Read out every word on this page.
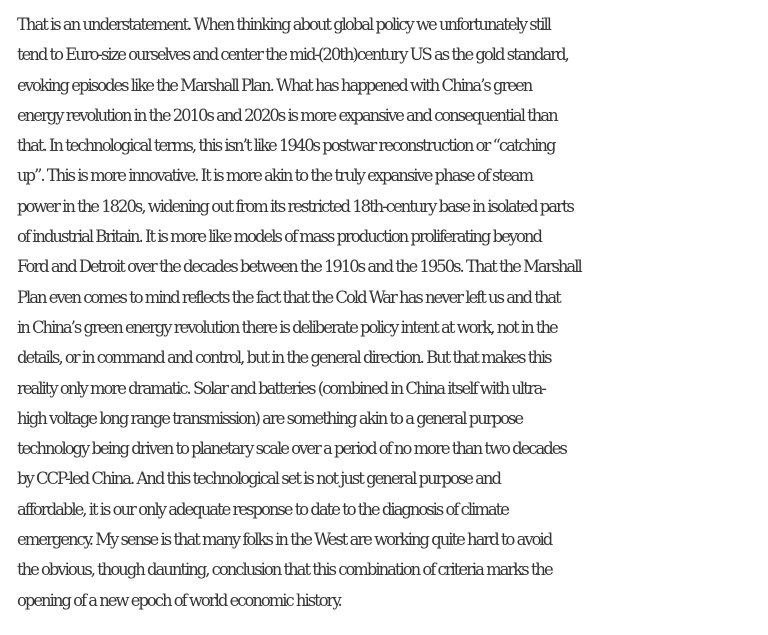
That is an understatement. When thinking about global policy we unfortunately still
tend to Euro-size ourselves and center the mid-(20th)century US as the gold standard,
evoking episodes like the Marshall Plan. What has happened with China’s green
energy revolution in the 2010s and 2020s is more expansive and consequential than
that. In technological terms, this isn’t like 1940s postwar reconstruction or “catching
up”. This is more innovative. It is more akin to the truly expansive phase of steam
power in the 1820s, widening out from its restricted 18th-century base in isolated parts
of industrial Britain. It is more like models of mass production proliferating beyond
Ford and Detroit over the decades between the 1910s and the 1950s. That the Marshall
Plan even comes to mind reflects the fact that the Cold War has never left us and that
in China’s green energy revolution there is deliberate policy intent at work, not in the
details, or in command and control, but in the general direction. But that makes this
reality only more dramatic. Solar and batteries (combined in China itself with ultra-
high voltage long range transmission) are something akin to a general purpose
technology being driven to planetary scale over a period of no more than two decades
by CCP-led China. And this technological set is not just general purpose and
affordable, it is our only adequate response to date to the diagnosis of climate
emergency. My sense is that many folks in the West are working quite hard to avoid
the obvious, though daunting, conclusion that this combination of criteria marks the
opening of a new epoch of world economic history.
